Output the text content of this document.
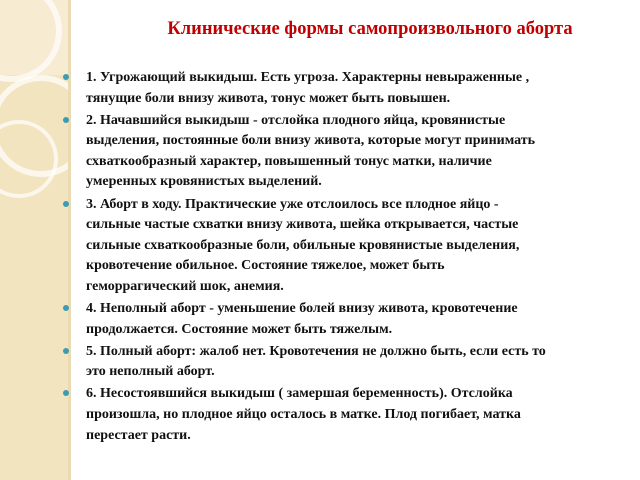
Клинические формы самопроизвольного аборта
1. Угрожающий выкидыш. Есть угроза. Характерны невыраженные ,
тянущие боли внизу живота, тонус может быть повышен.
2. Начавшийся выкидыш - отслойка плодного яйца, кровянистые
выделения, постоянные боли внизу живота, которые могут принимать
схваткообразный характер, повышенный тонус матки, наличие
умеренных кровянистых выделений.
3. Аборт в ходу. Практические уже отслоилось все плодное яйцо -
сильные частые схватки внизу живота, шейка открывается, частые
сильные схваткообразные боли, обильные кровянистые выделения,
кровотечение обильное. Состояние тяжелое, может быть
геморрагический шок, анемия.
4. Неполный аборт - уменьшение болей внизу живота, кровотечение
продолжается. Состояние может быть тяжелым.
5. Полный аборт: жалоб нет. Кровотечения не должно быть, если есть то
это неполный аборт.
6. Несостоявшийся выкидыш ( замершая беременность). Отслойка
произошла, но плодное яйцо осталось в матке. Плод погибает, матка
перестает расти.
